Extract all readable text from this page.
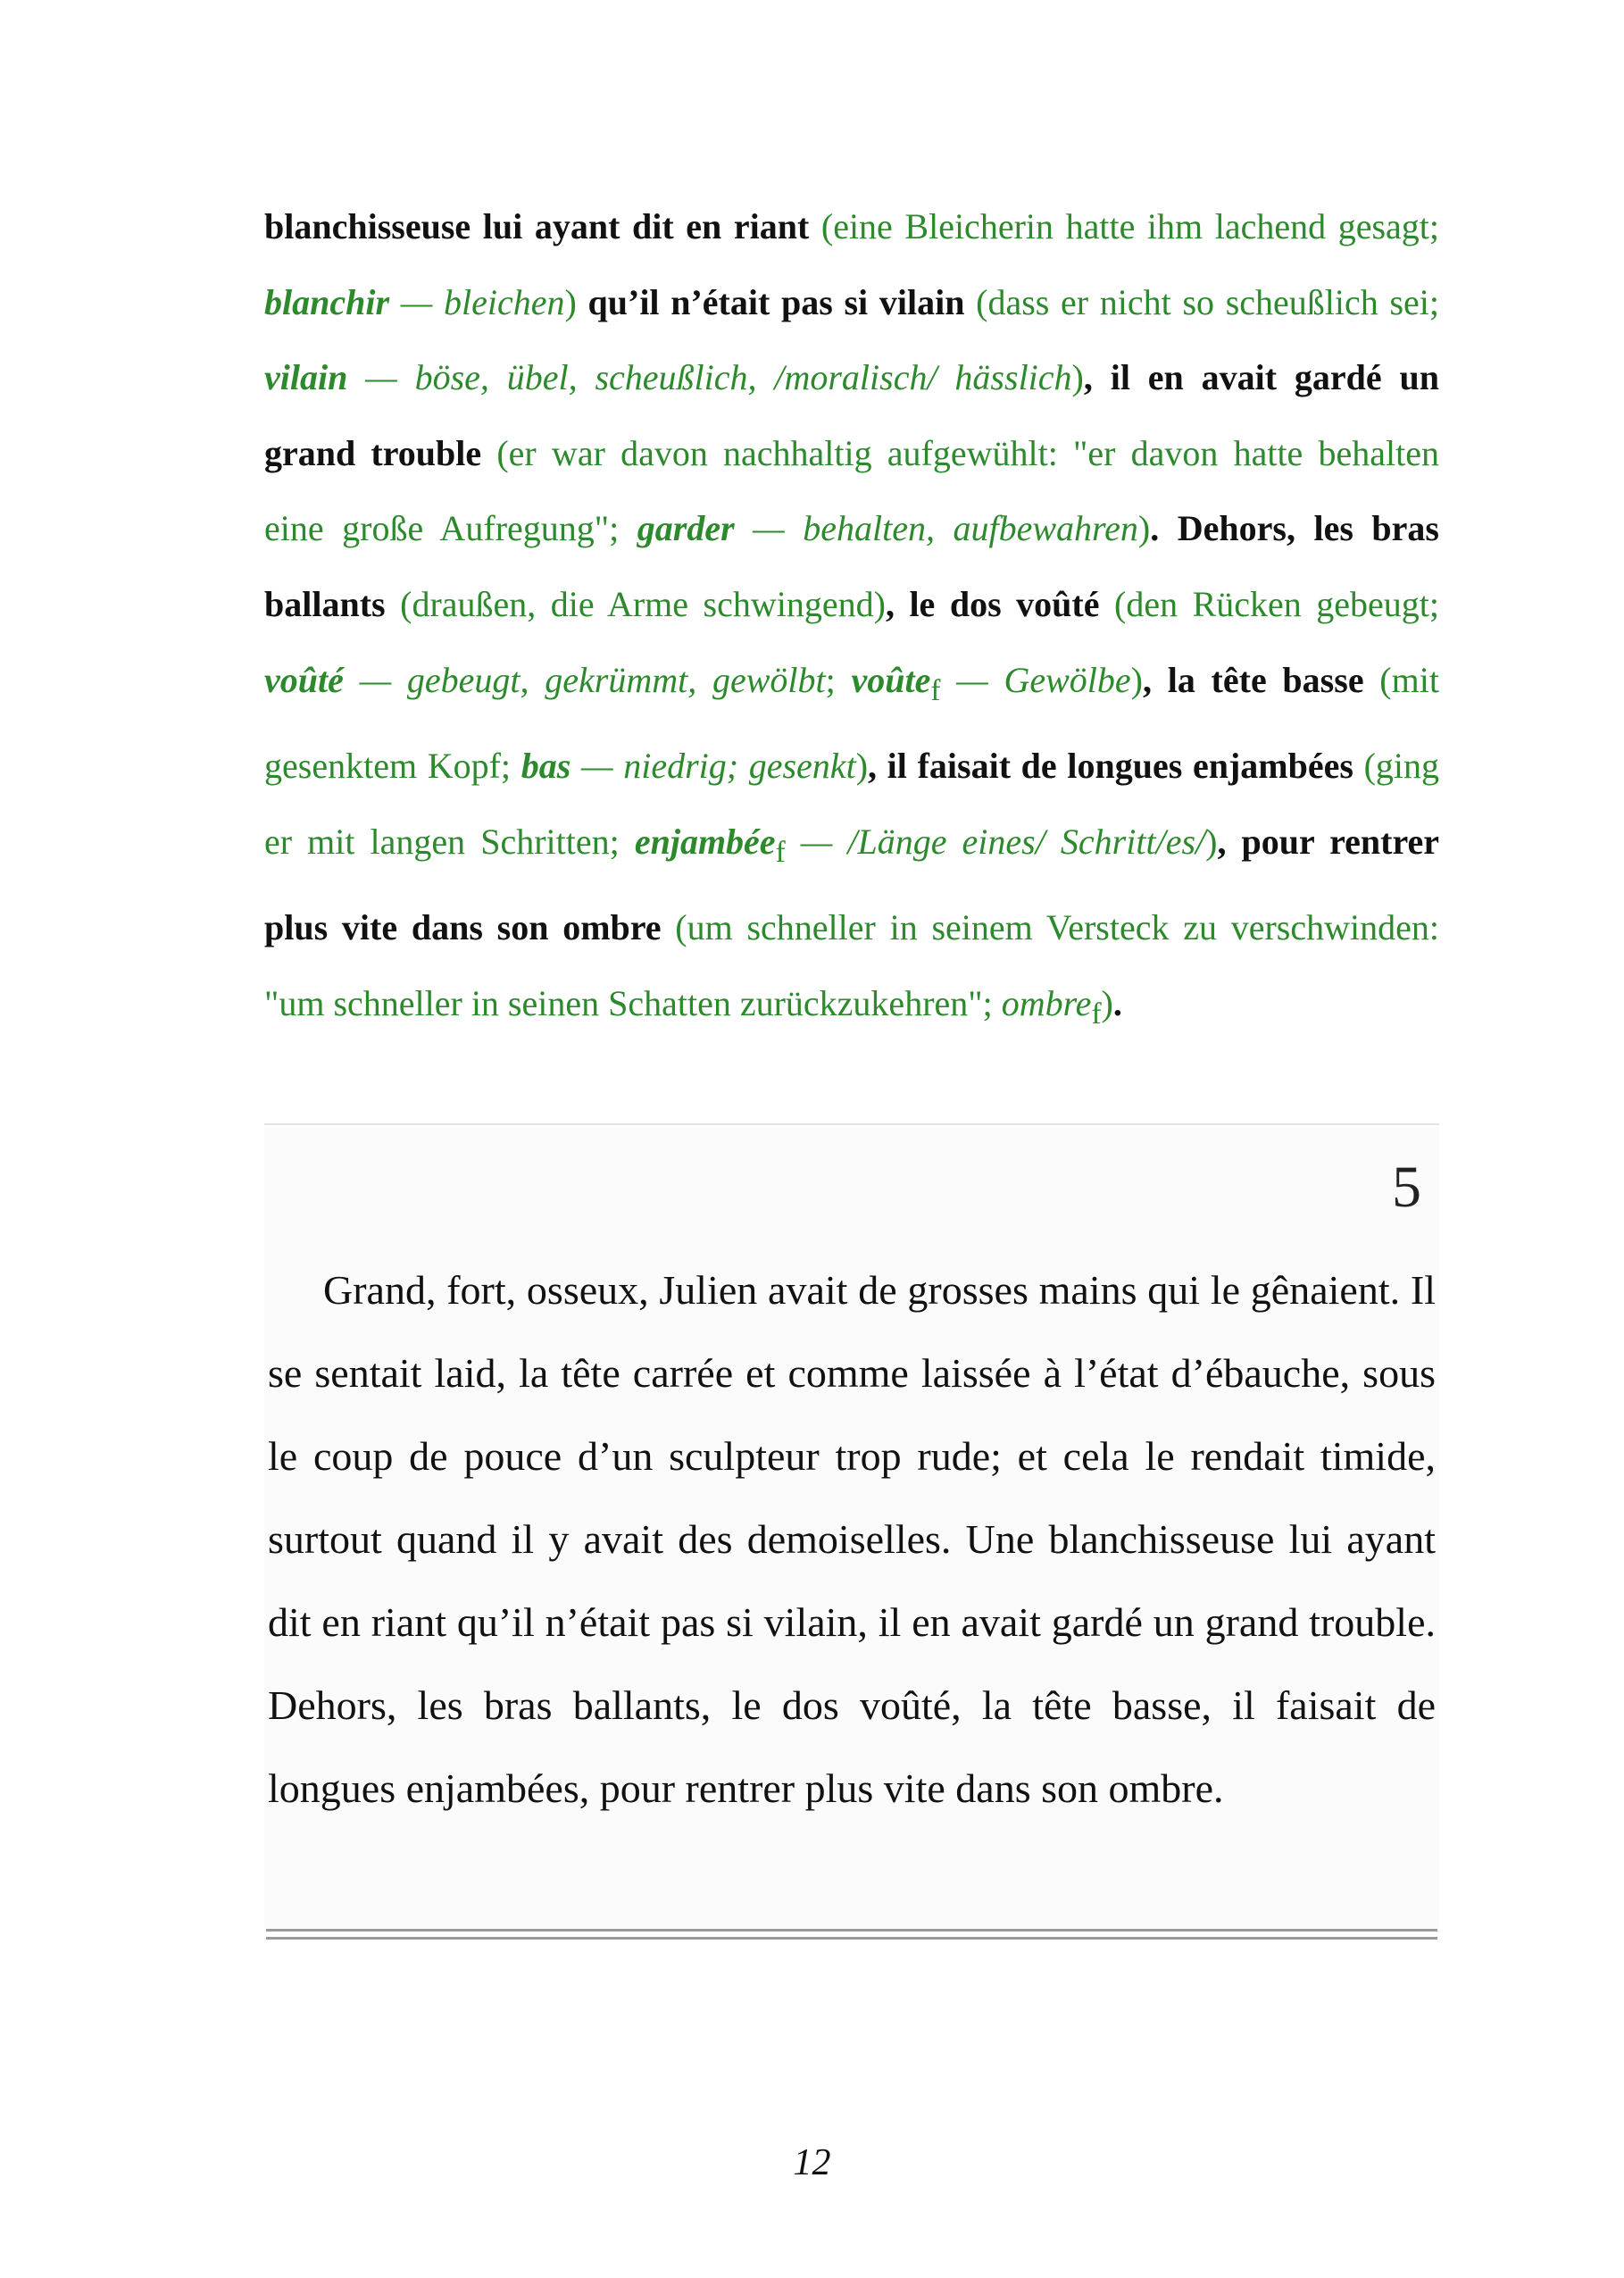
blanchisseuse lui ayant dit en riant (eine Bleicherin hatte ihm lachend gesagt; blanchir — bleichen) qu’il n’était pas si vilain (dass er nicht so scheußlich sei; vilain — böse, übel, scheußlich, /moralisch/ hässlich), il en avait gardé un grand trouble (er war davon nachhaltig aufgewühlt: "er davon hatte behalten eine große Aufregung"; garder — behalten, aufbewahren). Dehors, les bras ballants (draußen, die Arme schwingend), le dos voûté (den Rücken gebeugt; voûté — gebeugt, gekrümmt, gewölbt; voûte$_f$ — Gewölbe), la tête basse (mit gesenktem Kopf; bas — niedrig; gesenkt), il faisait de longues enjambées (ging er mit langen Schritten; enjambée$_f$ — /Länge eines/ Schritt/es/), pour rentrer plus vite dans son ombre (um schneller in seinem Versteck zu verschwinden: "um schneller in seinen Schatten zurückzukehren"; ombre$_f$).
5
Grand, fort, osseux, Julien avait de grosses mains qui le gênaient. Il se sentait laid, la tête carrée et comme laissée à l’état d’ébauche, sous le coup de pouce d’un sculpteur trop rude; et cela le rendait timide, surtout quand il y avait des demoiselles. Une blanchisseuse lui ayant dit en riant qu’il n’était pas si vilain, il en avait gardé un grand trouble. Dehors, les bras ballants, le dos voûté, la tête basse, il faisait de longues enjambées, pour rentrer plus vite dans son ombre.
12
